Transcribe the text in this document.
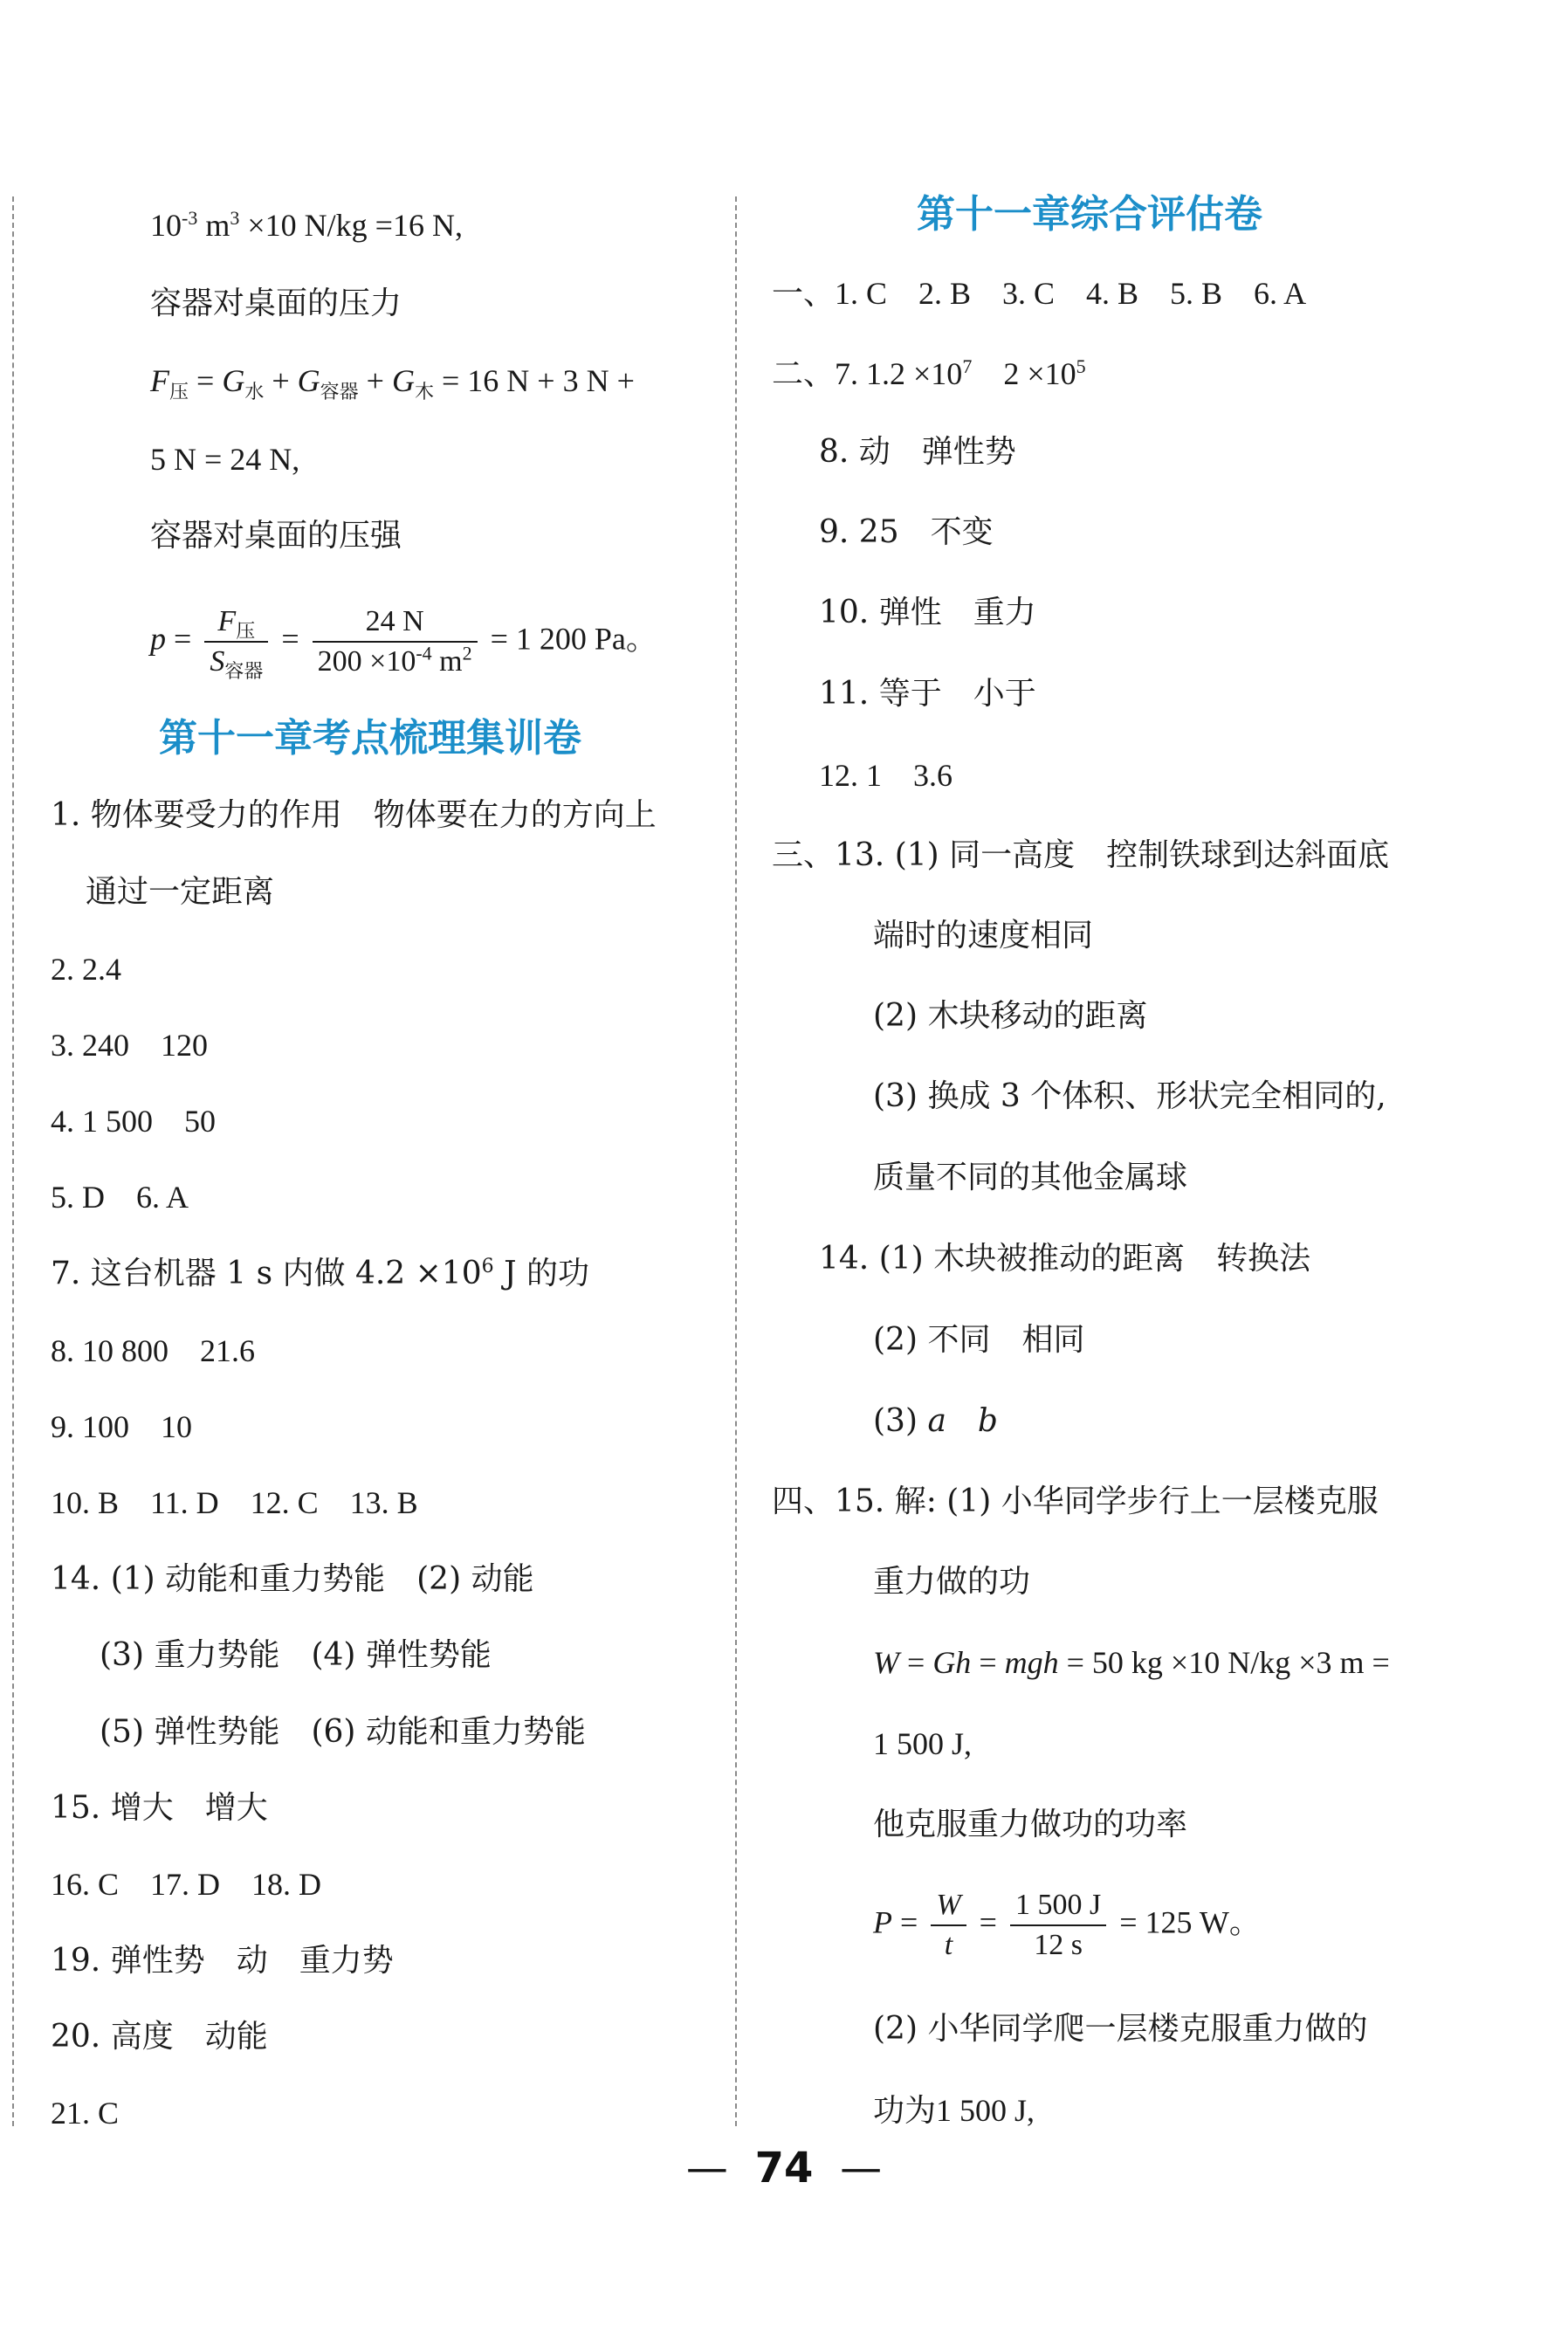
$10^{-3}$ $m^3 \times 10$ N/kg =16 N,
容器对桌面的压力
$F_压 = G_水 + G_{容器} + G_木 = 16$ N + 3 N +
5 N = 24 N,
容器对桌面的压强
$p = \frac{F_压}{S_{容器}} = \frac{24 N}{200 \times 10^{-4} m^2} = 1$ 200 Pa。
第十一章考点梳理集训卷
1. 物体要受力的作用　物体要在力的方向上
通过一定距离
2. 2.4
3. 240　120
4. 1 500　50
5. D　6. A
7. 这台机器 1 s 内做 $4.2 \times 10^6$ J 的功
8. 10 800　21.6
9. 100　10
10. B　11. D　12. C　13. B
14. (1) 动能和重力势能　(2) 动能
(3) 重力势能　(4) 弹性势能
(5) 弹性势能　(6) 动能和重力势能
15. 增大　增大
16. C　17. D　18. D
19. 弹性势　动　重力势
20. 高度　动能
21. C
第十一章综合评估卷
一、1. C　2. B　3. C　4. B　5. B　6. A
二、7. $1.2 \times 10^7$　$2 \times 10^5$
8. 动　弹性势
9. 25　不变
10. 弹性　重力
11. 等于　小于
12. 1　3.6
三、13. (1) 同一高度　控制铁球到达斜面底
端时的速度相同
(2) 木块移动的距离
(3) 换成 3 个体积、形状完全相同的,
质量不同的其他金属球
14. (1) 木块被推动的距离　转换法
(2) 不同　相同
(3) a　 b
四、15. 解: (1) 小华同学步行上一层楼克服
重力做的功
W = Gh = mgh = 50 kg ×10 N/kg ×3 m =
1 500 J,
他克服重力做功的功率
$P = \frac{W}{t} = \frac{1 500 J}{12 s} = 125$ W。
(2) 小华同学爬一层楼克服重力做的
功为1 500 J,
— 74 —
